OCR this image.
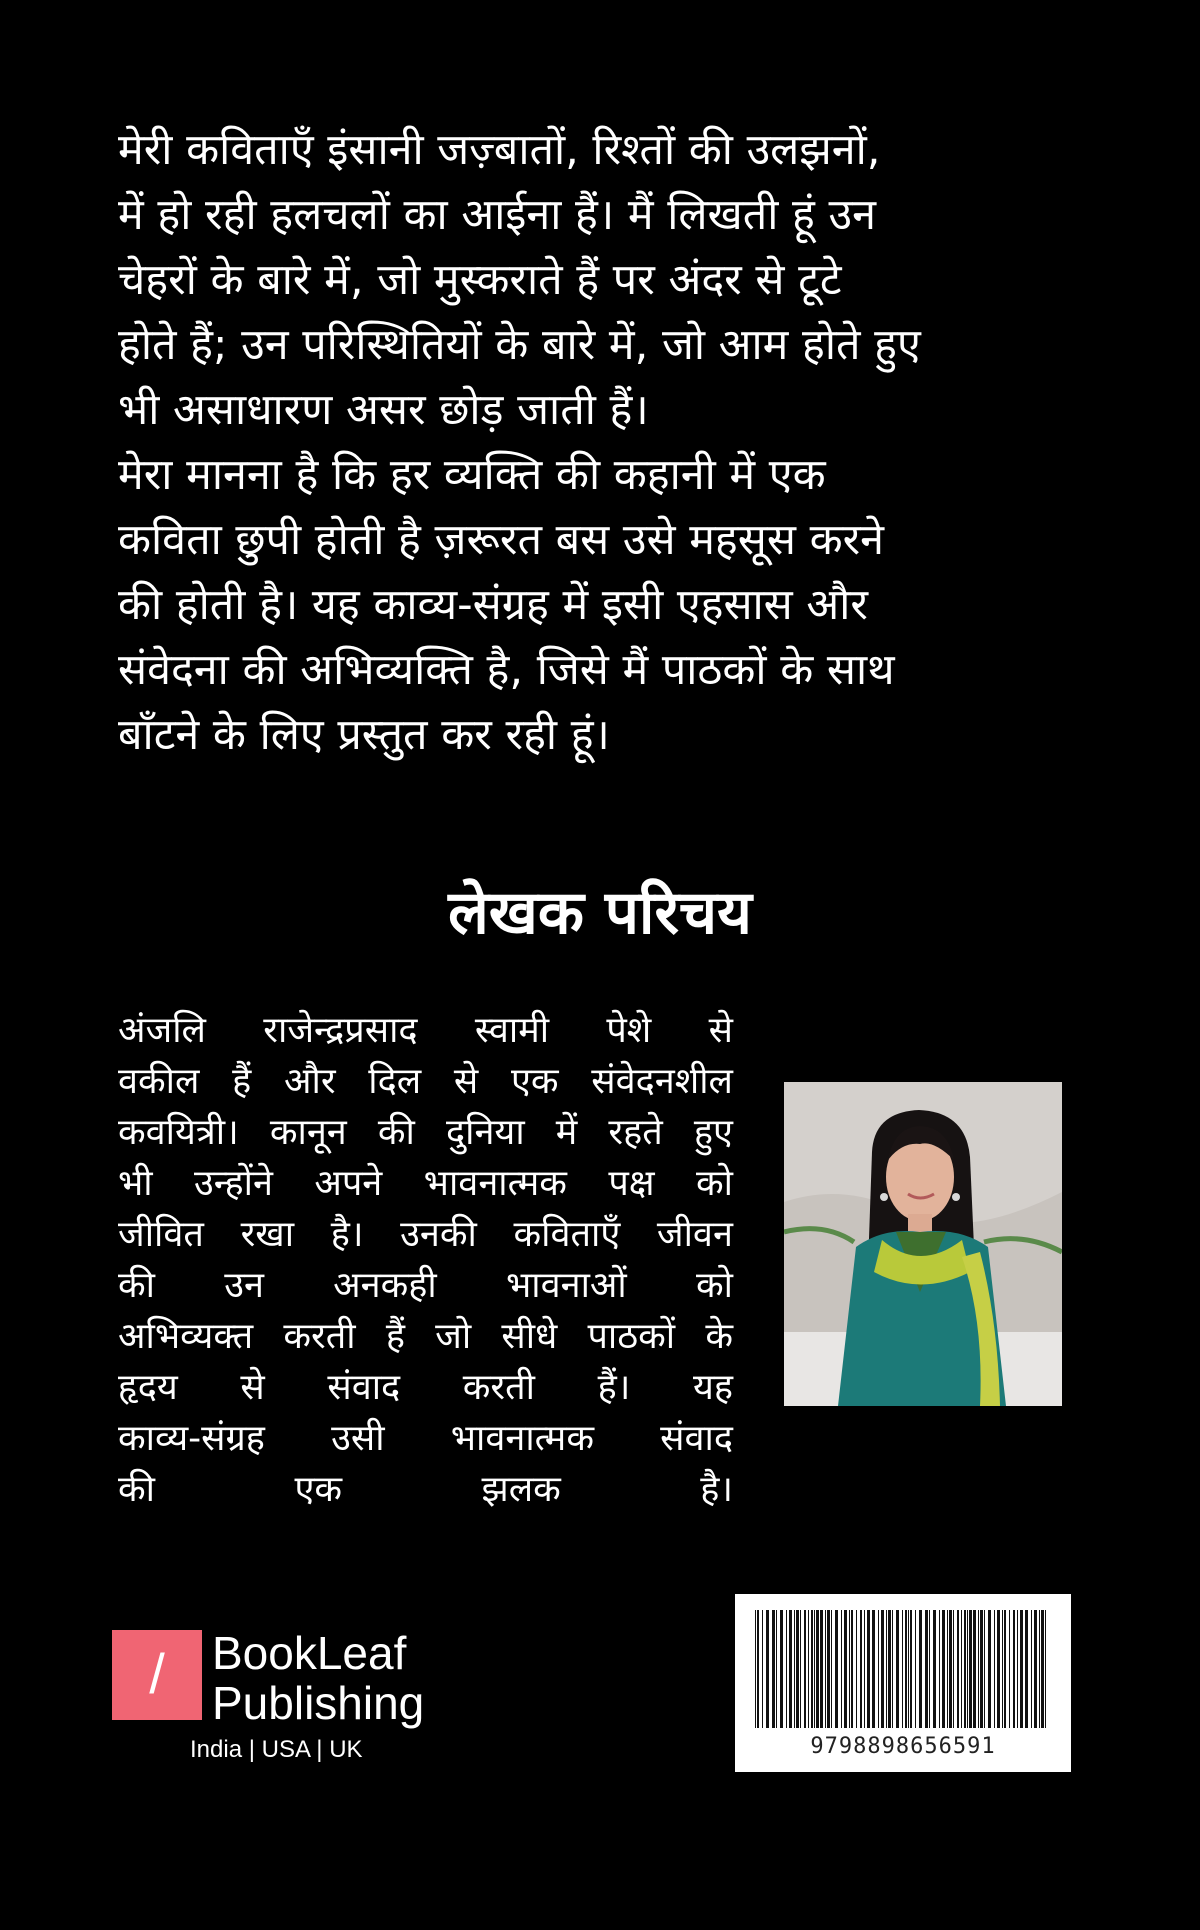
मेरी कविताएँ इंसानी जज़्बातों, रिश्तों की उलझनों,
में हो रही हलचलों का आईना हैं। मैं लिखती हूं उन
चेहरों के बारे में, जो मुस्कराते हैं पर अंदर से टूटे
होते हैं; उन परिस्थितियों के बारे में, जो आम होते हुए
भी असाधारण असर छोड़ जाती हैं।
मेरा मानना है कि हर व्यक्ति की कहानी में एक
कविता छुपी होती है ज़रूरत बस उसे महसूस करने
की होती है। यह काव्य-संग्रह में इसी एहसास और
संवेदना की अभिव्यक्ति है, जिसे मैं पाठकों के साथ
बाँटने के लिए प्रस्तुत कर रही हूं।
लेखक परिचय
अंजलि राजेन्द्रप्रसाद स्वामी पेशे से
वकील हैं और दिल से एक संवेदनशील
कवयित्री। कानून की दुनिया में रहते हुए
भी उन्होंने अपने भावनात्मक पक्ष को
जीवित रखा है। उनकी कविताएँ जीवन
की उन अनकही भावनाओं को
अभिव्यक्त करती हैं जो सीधे पाठकों के
हृदय से संवाद करती हैं। यह
काव्य-संग्रह उसी भावनात्मक संवाद
की	एक	झलक	है।
/	BookLeaf
Publishing
India | USA | UK	9798898656591
